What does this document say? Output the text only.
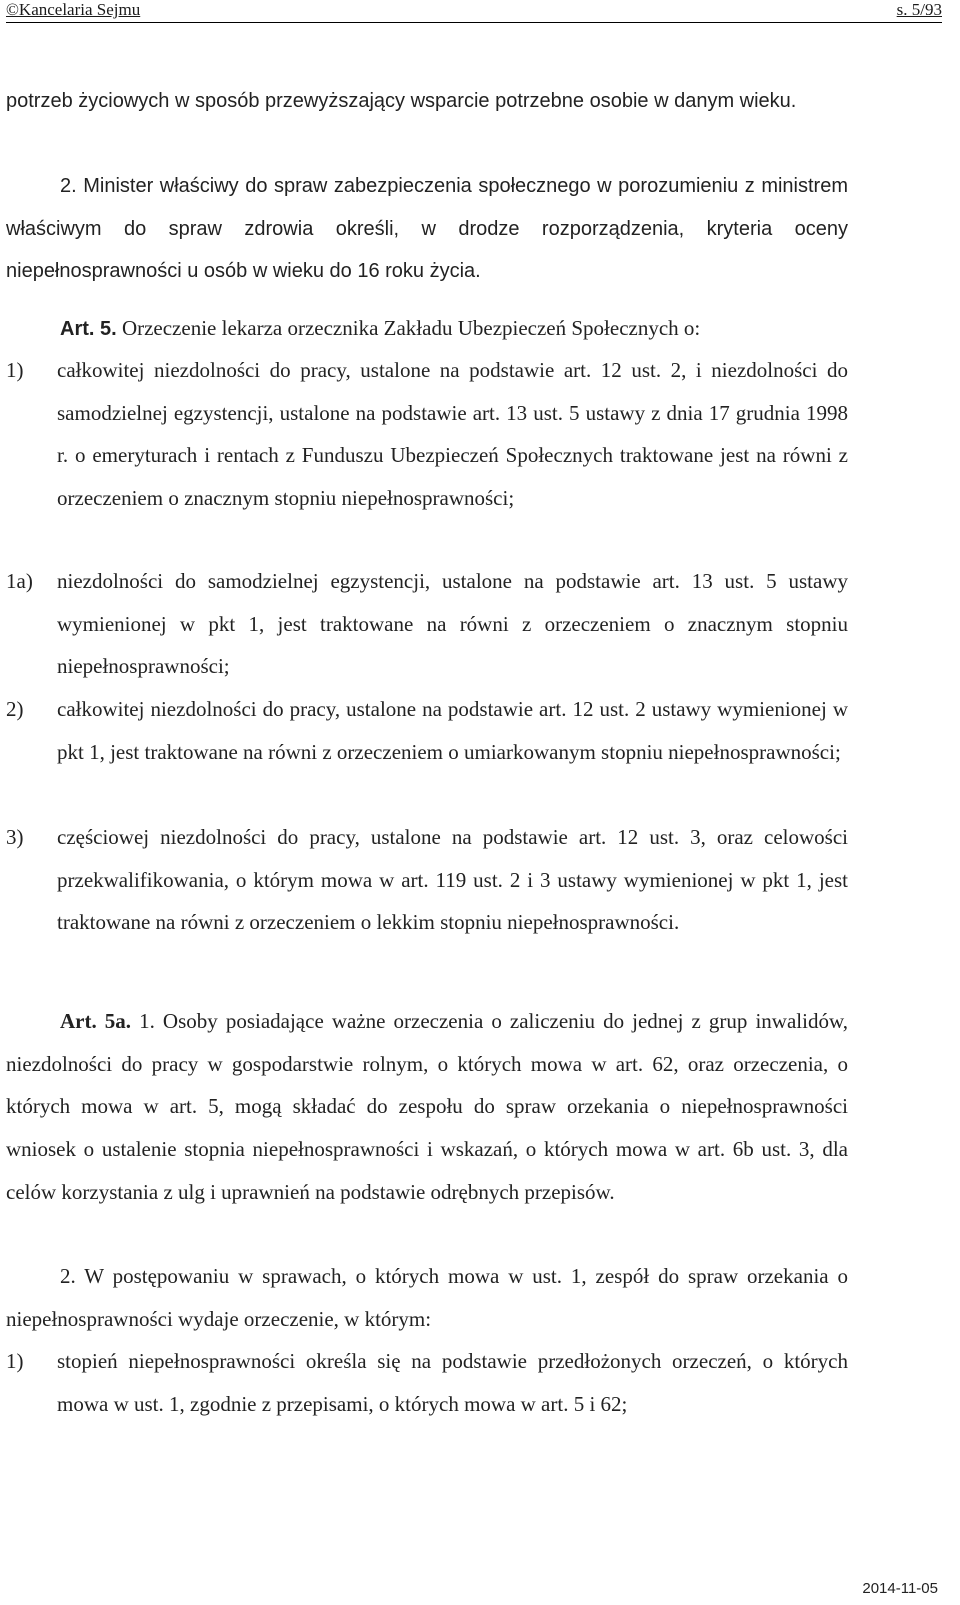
©Kancelaria Sejmu	s. 5/93

potrzeb życiowych w sposób przewyższający wsparcie potrzebne osobie w danym wieku.

2. Minister właściwy do spraw zabezpieczenia społecznego w porozumieniu z ministrem właściwym do spraw zdrowia określi, w drodze rozporządzenia, kryteria oceny niepełnosprawności u osób w wieku do 16 roku życia.

Art. 5. Orzeczenie lekarza orzecznika Zakładu Ubezpieczeń Społecznych o:

1) całkowitej niezdolności do pracy, ustalone na podstawie art. 12 ust. 2, i niezdolności do samodzielnej egzystencji, ustalone na podstawie art. 13 ust. 5 ustawy z dnia 17 grudnia 1998 r. o emeryturach i rentach z Funduszu Ubezpieczeń Społecznych traktowane jest na równi z orzeczeniem o znacznym stopniu niepełnosprawności;
1a) niezdolności do samodzielnej egzystencji, ustalone na podstawie art. 13 ust. 5 ustawy wymienionej w pkt 1, jest traktowane na równi z orzeczeniem o znacznym stopniu niepełnosprawności;
2) całkowitej niezdolności do pracy, ustalone na podstawie art. 12 ust. 2 ustawy wymienionej w pkt 1, jest traktowane na równi z orzeczeniem o umiarkowanym stopniu niepełnosprawności;
3) częściowej niezdolności do pracy, ustalone na podstawie art. 12 ust. 3, oraz celowości przekwalifikowania, o którym mowa w art. 119 ust. 2 i 3 ustawy wymienionej w pkt 1, jest traktowane na równi z orzeczeniem o lekkim stopniu niepełnosprawności.

Art. 5a. 1. Osoby posiadające ważne orzeczenia o zaliczeniu do jednej z grup inwalidów, niezdolności do pracy w gospodarstwie rolnym, o których mowa w art. 62, oraz orzeczenia, o których mowa w art. 5, mogą składać do zespołu do spraw orzekania o niepełnosprawności wniosek o ustalenie stopnia niepełnosprawności i wskazań, o których mowa w art. 6b ust. 3, dla celów korzystania z ulg i uprawnień na podstawie odrębnych przepisów.

2. W postępowaniu w sprawach, o których mowa w ust. 1, zespół do spraw orzekania o niepełnosprawności wydaje orzeczenie, w którym:

1) stopień niepełnosprawności określa się na podstawie przedłożonych orzeczeń, o których mowa w ust. 1, zgodnie z przepisami, o których mowa w art. 5 i 62;
2014-11-05
